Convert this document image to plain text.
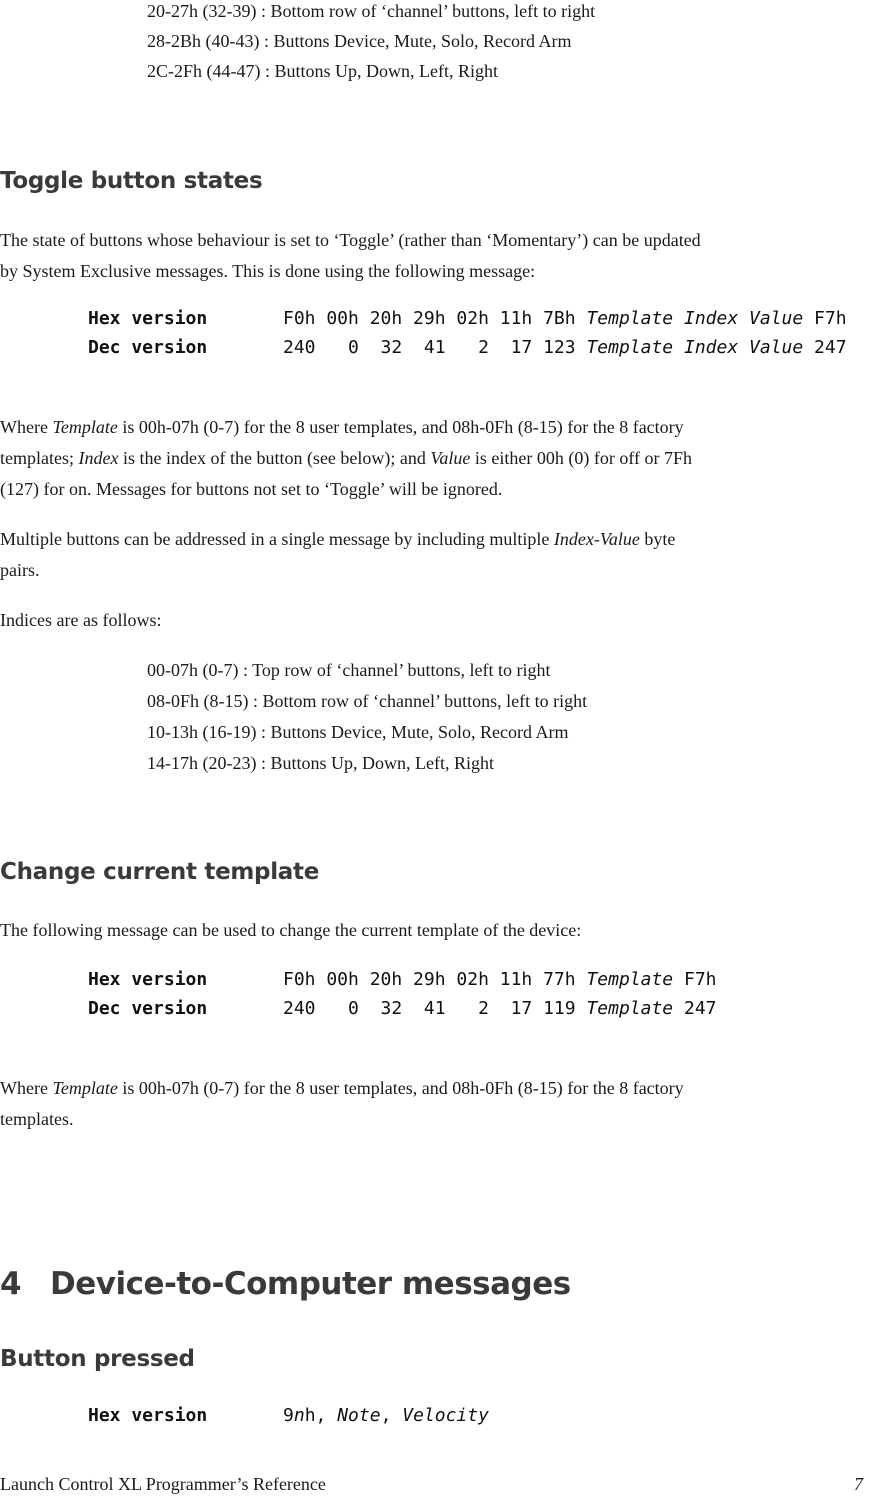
20-27h (32-39) : Bottom row of ‘channel’ buttons, left to right
28-2Bh (40-43) : Buttons Device, Mute, Solo, Record Arm
2C-2Fh (44-47) : Buttons Up, Down, Left, Right
Toggle button states
The state of buttons whose behaviour is set to ‘Toggle’ (rather than ‘Momentary’) can be updated
by System Exclusive messages. This is done using the following message:
Hex version	F0h 00h 20h 29h 02h 11h 7Bh Template Index Value F7h
Dec version	240   0  32  41   2  17 123 Template Index Value 247
Where Template is 00h-07h (0-7) for the 8 user templates, and 08h-0Fh (8-15) for the 8 factory
templates; Index is the index of the button (see below); and Value is either 00h (0) for off or 7Fh
(127) for on. Messages for buttons not set to ‘Toggle’ will be ignored.
Multiple buttons can be addressed in a single message by including multiple Index-Value byte
pairs.
Indices are as follows:
00-07h (0-7) : Top row of ‘channel’ buttons, left to right
08-0Fh (8-15) : Bottom row of ‘channel’ buttons, left to right
10-13h (16-19) : Buttons Device, Mute, Solo, Record Arm
14-17h (20-23) : Buttons Up, Down, Left, Right
Change current template
The following message can be used to change the current template of the device:
Hex version	F0h 00h 20h 29h 02h 11h 77h Template F7h
Dec version	240   0  32  41   2  17 119 Template 247
Where Template is 00h-07h (0-7) for the 8 user templates, and 08h-0Fh (8-15) for the 8 factory
templates.
4 Device-to-Computer messages
Button pressed
Hex version	9nh, Note, Velocity
Launch Control XL Programmer’s Reference	7
